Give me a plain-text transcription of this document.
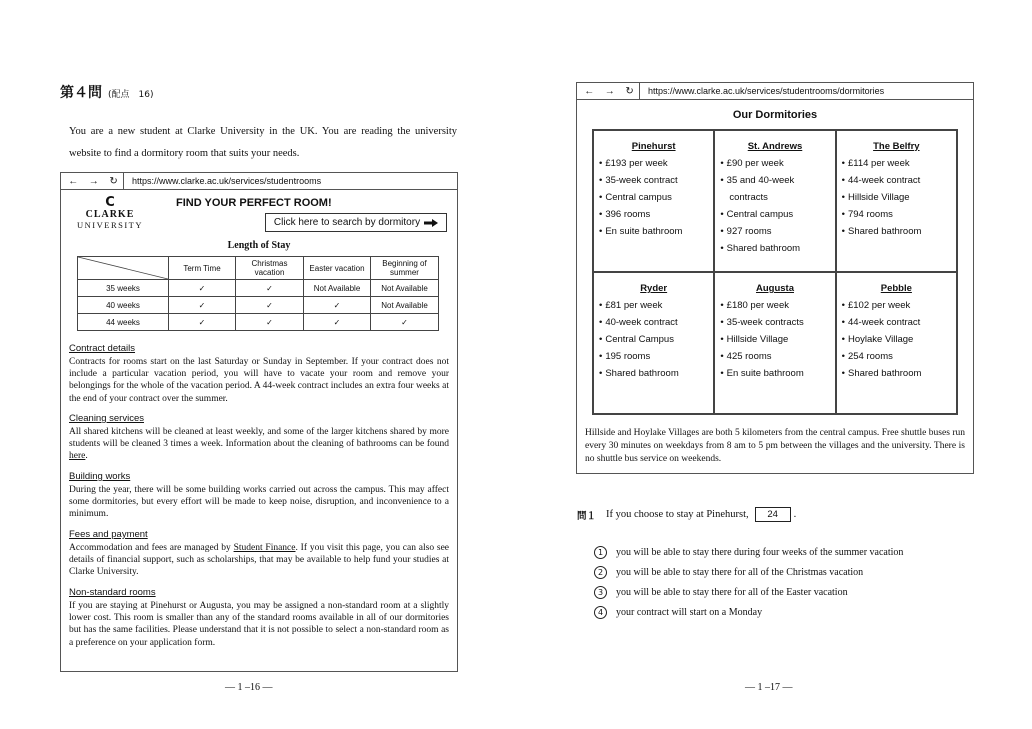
第４問 (配点　16)
You are a new student at Clarke University in the UK. You are reading the university website to find a dormitory room that suits your needs.
← → ↻	https://www.clarke.ac.uk/services/studentrooms
C
CLARKE
UNIVERSITY
FIND YOUR PERFECT ROOM!
Click here to search by dormitory
Length of Stay
	Term Time	Christmas vacation	Easter vacation	Beginning of summer
35 weeks	✓	✓	Not Available	Not Available
40 weeks	✓	✓	✓	Not Available
44 weeks	✓	✓	✓	✓
Contract details
Contracts for rooms start on the last Saturday or Sunday in September. If your contract does not include a particular vacation period, you will have to vacate your room and remove your belongings for the whole of the vacation period. A 44-week contract includes an extra four weeks at the end of your contract over the summer.
Cleaning services
All shared kitchens will be cleaned at least weekly, and some of the larger kitchens shared by more students will be cleaned 3 times a week. Information about the cleaning of bathrooms can be found here.
Building works
During the year, there will be some building works carried out across the campus. This may affect some dormitories, but every effort will be made to keep noise, disruption, and inconvenience to a minimum.
Fees and payment
Accommodation and fees are managed by Student Finance. If you visit this page, you can also see details of financial support, such as scholarships, that may be available to help fund your studies at Clarke University.
Non-standard rooms
If you are staying at Pinehurst or Augusta, you may be assigned a non-standard room at a slightly lower cost. This room is smaller than any of the standard rooms available in all of our dormitories but has the same facilities. Please understand that it is not possible to select a non-standard room as a preference on your application form.
— 1 –16 —
← → ↻	https://www.clarke.ac.uk/services/studentrooms/dormitories
Our Dormitories
Pinehurst
• £193 per week
• 35-week contract
• Central campus
• 396 rooms
• En suite bathroom
St. Andrews
• £90 per week
• 35 and 40-week contracts
• Central campus
• 927 rooms
• Shared bathroom
The Belfry
• £114 per week
• 44-week contract
• Hillside Village
• 794 rooms
• Shared bathroom
Ryder
• £81 per week
• 40-week contract
• Central Campus
• 195 rooms
• Shared bathroom
Augusta
• £180 per week
• 35-week contracts
• Hillside Village
• 425 rooms
• En suite bathroom
Pebble
• £102 per week
• 44-week contract
• Hoylake Village
• 254 rooms
• Shared bathroom
Hillside and Hoylake Villages are both 5 kilometers from the central campus. Free shuttle buses run every 30 minutes on weekdays from 8 am to 5 pm between the villages and the university. There is no shuttle bus service on weekends.
問１ If you choose to stay at Pinehurst,	24	.
1	you will be able to stay there during four weeks of the summer vacation
2	you will be able to stay there for all of the Christmas vacation
3	you will be able to stay there for all of the Easter vacation
4	your contract will start on a Monday
— 1 –17 —
